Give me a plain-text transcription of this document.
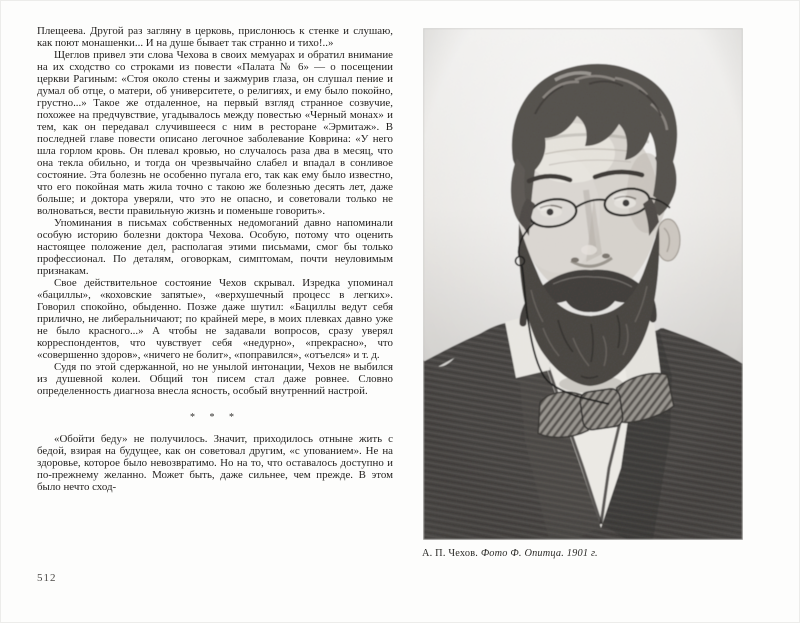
Плещеева. Другой раз загляну в церковь, прислонюсь к стенке и слушаю, как поют монашенки... И на душе бывает так странно и тихо!..»

Щеглов привел эти слова Чехова в своих мемуарах и обратил внимание на их сходство со строками из повести «Палата № 6» — о посещении церкви Рагиным: «Стоя около стены и зажмурив глаза, он слушал пение и думал об отце, о матери, об университете, о религиях, и ему было покойно, грустно...» Такое же отдаленное, на первый взгляд странное созвучие, похожее на предчувствие, угадывалось между повестью «Черный монах» и тем, как он передавал случившееся с ним в ресторане «Эрмитаж». В последней главе повести описано легочное заболевание Коврина: «У него шла горлом кровь. Он плевал кровью, но случалось раза два в месяц, что она текла обильно, и тогда он чрезвычайно слабел и впадал в сонливое состояние. Эта болезнь не особенно пугала его, так как ему было известно, что его покойная мать жила точно с такою же болезнью десять лет, даже больше; и доктора уверяли, что это не опасно, и советовали только не волноваться, вести правильную жизнь и поменьше говорить».

Упоминания в письмах собственных недомоганий давно напоминали особую историю болезни доктора Чехова. Особую, потому что оценить настоящее положение дел, располагая этими письмами, смог бы только профессионал. По деталям, оговоркам, симптомам, почти неуловимым признакам.

Свое действительное состояние Чехов скрывал. Изредка упоминал «бациллы», «коховские запятые», «верхушечный процесс в легких». Говорил спокойно, обыденно. Позже даже шутил: «Бациллы ведут себя прилично, не либеральничают; по крайней мере, в моих плевках давно уже не было красного...» А чтобы не задавали вопросов, сразу уверял корреспондентов, что чувствует себя «недурно», «прекрасно», что «совершенно здоров», «ничего не болит», «поправился», «отъелся» и т. д.

Судя по этой сдержанной, но не унылой интонации, Чехов не выбился из душевной колеи. Общий тон писем стал даже ровнее. Словно определенность диагноза внесла ясность, особый внутренний настрой.

* * *

«Обойти беду» не получилось. Значит, приходилось отныне жить с бедой, взирая на будущее, как он советовал другим, «с упованием». Не на здоровье, которое было невозвратимо. Но на то, что оставалось доступно и по-прежнему желанно. Может быть, даже сильнее, чем прежде. В этом было нечто сход-

512
А. П. Чехов. Фото Ф. Опитца. 1901 г.
